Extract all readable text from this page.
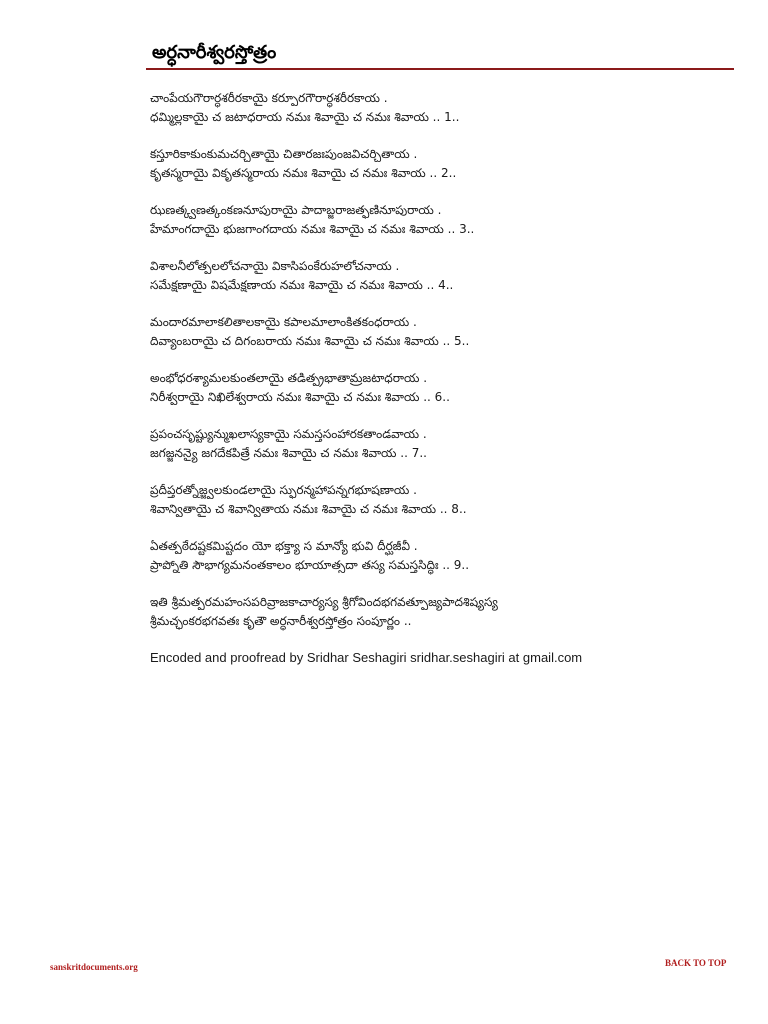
అర్ధనారీశ్వరస్తోత్రం
చాంపేయగౌరార్ధశరీరకాయై కర్పూరగౌరార్ధశరీరకాయ .
ధమ్మిల్లకాయై చ జటాధరాయ నమః శివాయై చ నమః శివాయ .. 1..
కస్తూరికాకుంకుమచర్చితాయై చితారజఃపుంజవిచర్చితాయ .
కృతస్మరాయై వికృతస్మరాయ నమః శివాయై చ నమః శివాయ .. 2..
ఝణత్క్వణత్కంకణనూపురాయై పాదాబ్జరాజత్ఫణినూపురాయ .
హేమాంగదాయై భుజగాంగదాయ నమః శివాయై చ నమః శివాయ .. 3..
విశాలనీలోత్పలలోచనాయై వికాసిపంకేరుహలోచనాయ .
సమేక్షణాయై విషమేక్షణాయ నమః శివాయై చ నమః శివాయ .. 4..
మందారమాలాకలితాలకాయై కపాలమాలాంకితకంధరాయ .
దివ్యాంబరాయై చ దిగంబరాయ నమః శివాయై చ నమః శివాయ .. 5..
అంభోధరశ్యామలకుంతలాయై తడిత్ప్రభాతామ్రజటాధరాయ .
నిరీశ్వరాయై నిఖిలేశ్వరాయ నమః శివాయై చ నమః శివాయ .. 6..
ప్రపంచసృష్ట్యున్ముఖలాస్యకాయై సమస్తసంహారకతాండవాయ .
జగజ్జనన్యై జగదేకపిత్రే నమః శివాయై చ నమః శివాయ .. 7..
ప్రదీప్తరత్నోజ్జ్వలకుండలాయై స్ఫురన్మహాపన్నగభూషణాయ .
శివాన్వితాయై చ శివాన్వితాయ నమః శివాయై చ నమః శివాయ .. 8..
ఏతత్పఠేదష్టకమిష్టదం యో భక్త్యా స మాన్యో భువి దీర్ఘజీవీ .
ప్రాప్నోతి సౌభాగ్యమనంతకాలం భూయాత్సదా తస్య సమస్తసిద్ధిః .. 9..
ఇతి శ్రీమత్పరమహంసపరివ్రాజకాచార్యస్య శ్రీగోవిందభగవత్పూజ్యపాదశిష్యస్య
శ్రీమచ్ఛంకరభగవతః కృతౌ అర్ధనారీశ్వరస్తోత్రం సంపూర్ణం ..
Encoded and proofread by Sridhar Seshagiri sridhar.seshagiri at gmail.com
sanskritdocuments.org	BACK TO TOP
